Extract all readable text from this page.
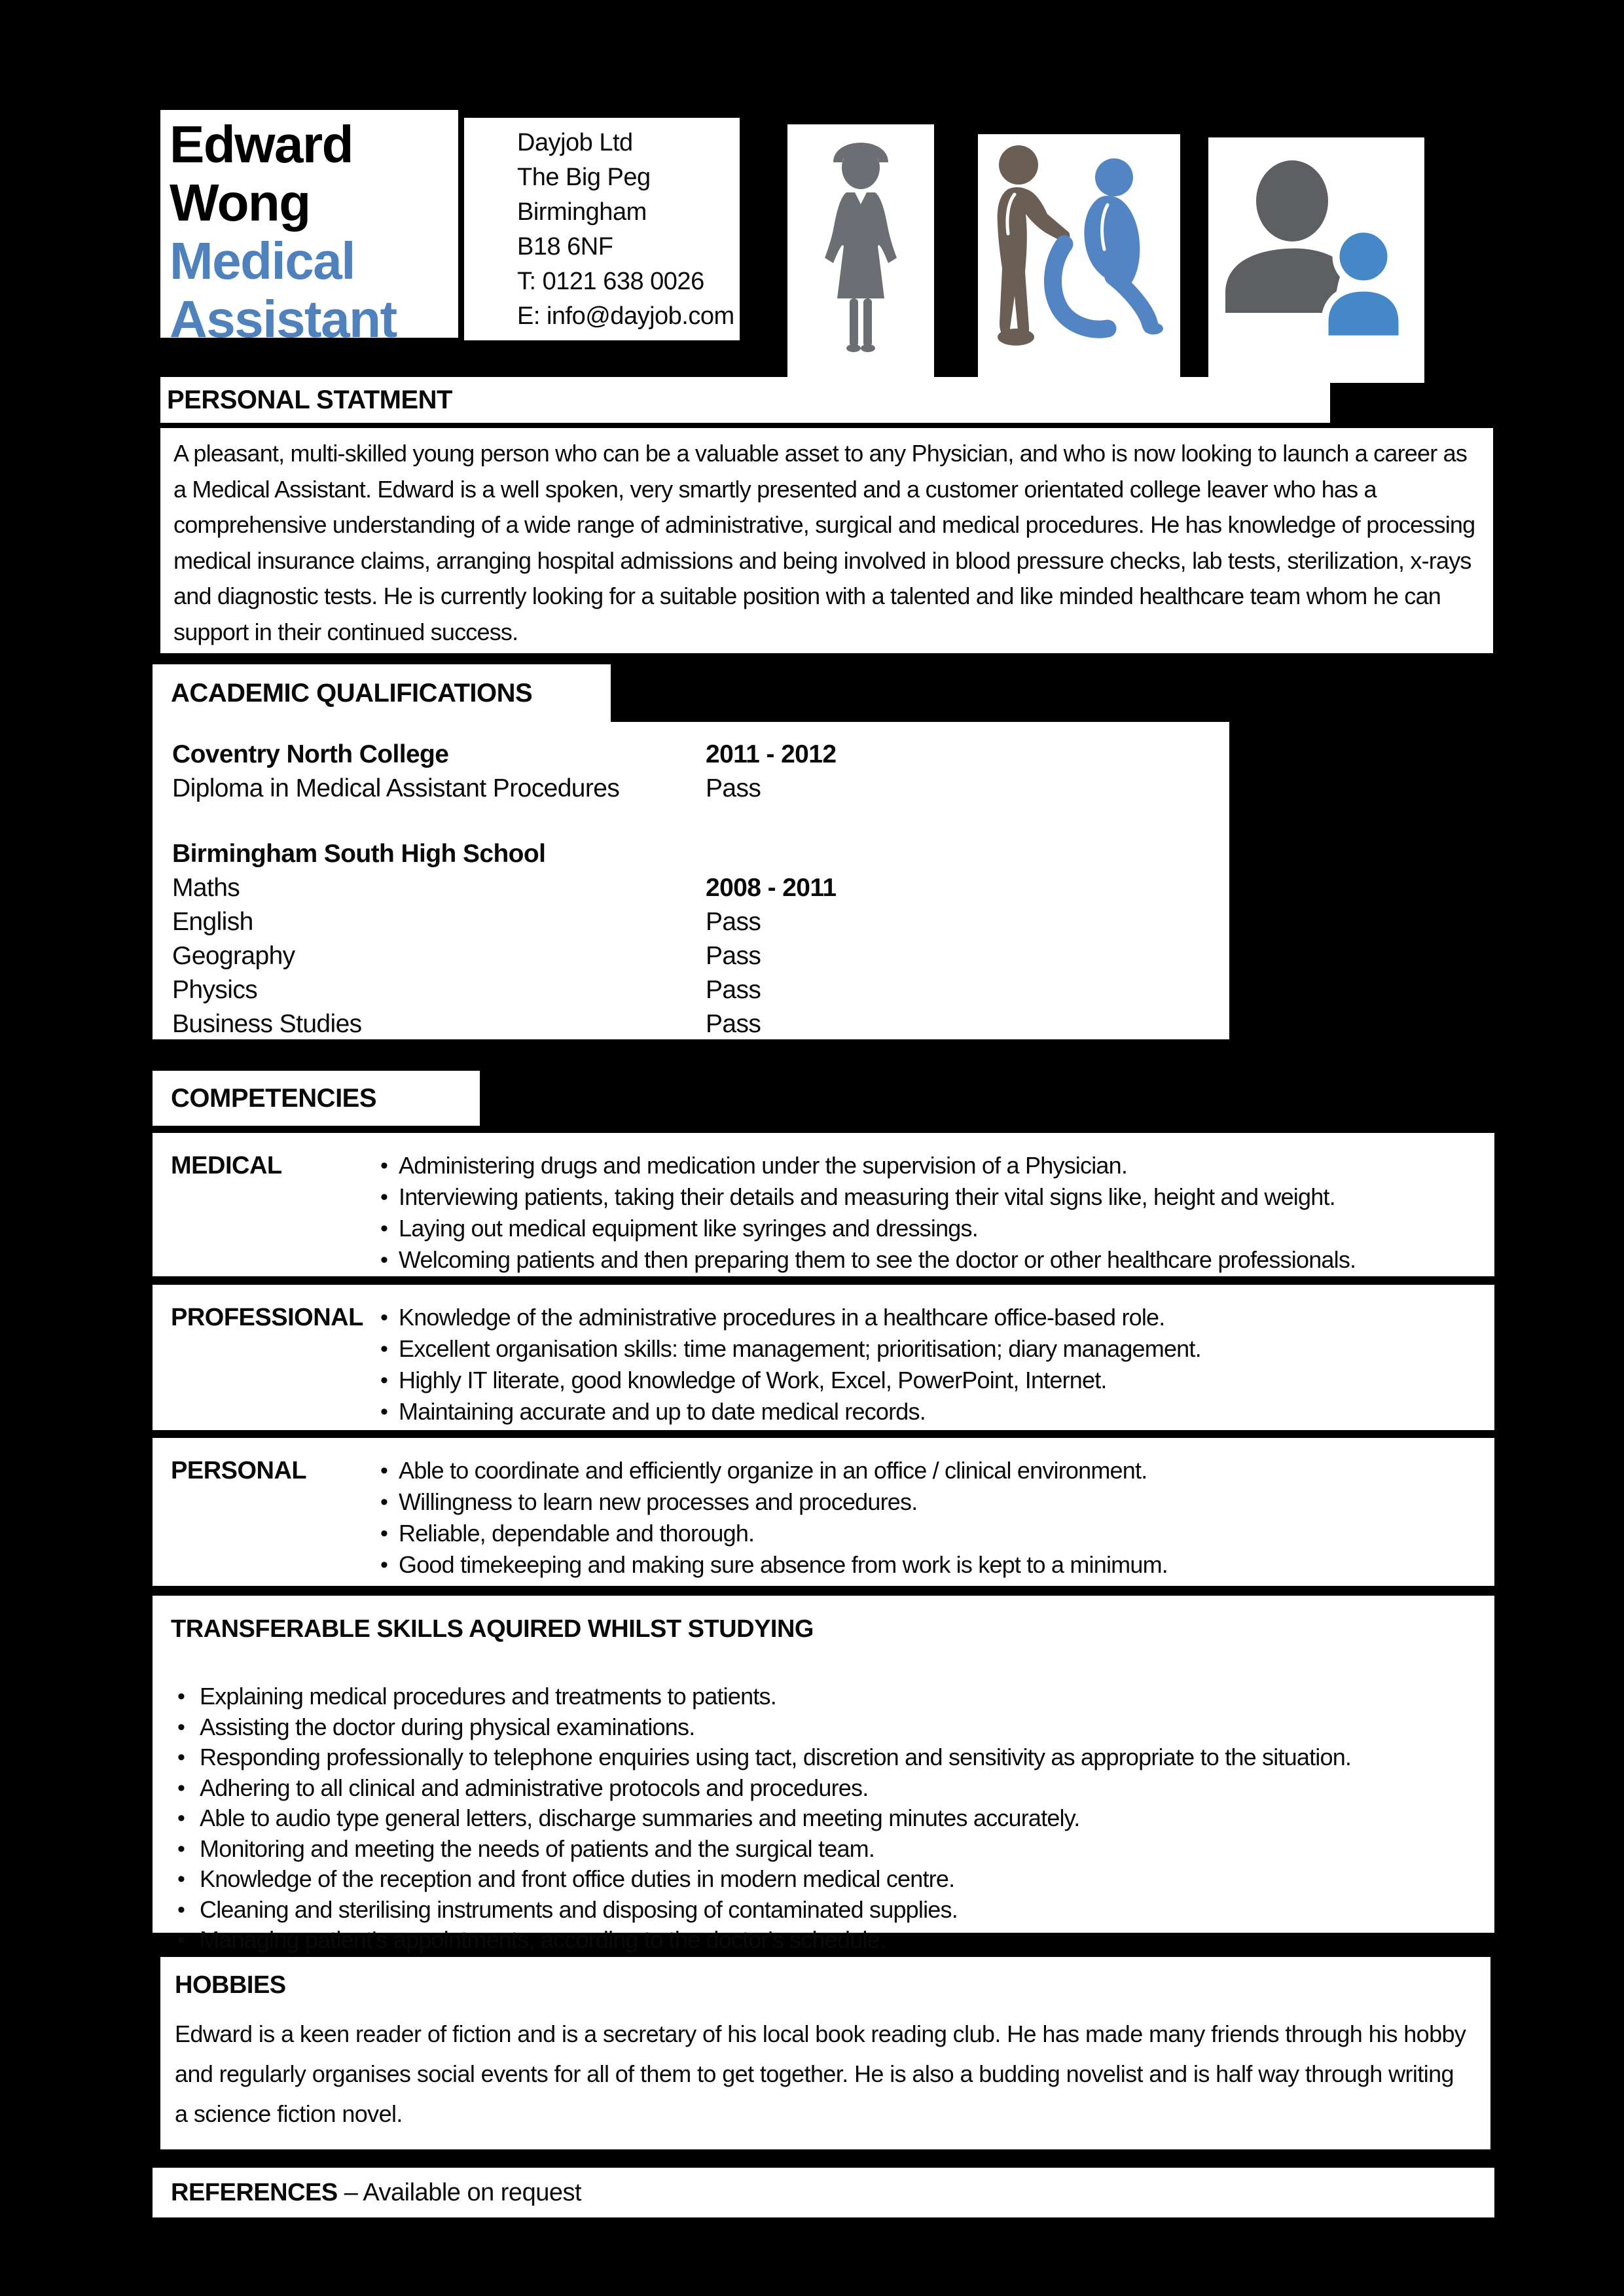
Edward Wong
Medical Assistant
Dayjob Ltd
The Big Peg
Birmingham
B18 6NF
T: 0121 638 0026
E: info@dayjob.com
PERSONAL STATMENT
A pleasant, multi-skilled young person who can be a valuable asset to any Physician, and who is now looking to launch a career as a Medical Assistant. Edward is a well spoken, very smartly presented and a customer orientated college leaver who has a comprehensive understanding of a wide range of administrative, surgical and medical procedures. He has knowledge of processing medical insurance claims, arranging hospital admissions and being involved in blood pressure checks, lab tests, sterilization, x-rays and diagnostic tests. He is currently looking for a suitable position with a talented and like minded healthcare team whom he can support in their continued success.
ACADEMIC QUALIFICATIONS
Coventry North College	2011 - 2012
Diploma in Medical Assistant Procedures	Pass
Birmingham South High School
Maths	2008 - 2011
English	Pass
Geography	Pass
Physics	Pass
Business Studies	Pass
COMPETENCIES
MEDICAL	• Administering drugs and medication under the supervision of a Physician.
• Interviewing patients, taking their details and measuring their vital signs like, height and weight.
• Laying out medical equipment like syringes and dressings.
• Welcoming patients and then preparing them to see the doctor or other healthcare professionals.
PROFESSIONAL	• Knowledge of the administrative procedures in a healthcare office-based role.
• Excellent organisation skills: time management; prioritisation; diary management.
• Highly IT literate, good knowledge of Work, Excel, PowerPoint, Internet.
• Maintaining accurate and up to date medical records.
PERSONAL	• Able to coordinate and efficiently organize in an office / clinical environment.
• Willingness to learn new processes and procedures.
• Reliable, dependable and thorough.
• Good timekeeping and making sure absence from work is kept to a minimum.
TRANSFERABLE SKILLS AQUIRED WHILST STUDYING
• Explaining medical procedures and treatments to patients.
• Assisting the doctor during physical examinations.
• Responding professionally to telephone enquiries using tact, discretion and sensitivity as appropriate to the situation.
• Adhering to all clinical and administrative protocols and procedures.
• Able to audio type general letters, discharge summaries and meeting minutes accurately.
• Monitoring and meeting the needs of patients and the surgical team.
• Knowledge of the reception and front office duties in modern medical centre.
• Cleaning and sterilising instruments and disposing of contaminated supplies.
• Managing patient's appointments, according to the doctor's schedule.
HOBBIES
Edward is a keen reader of fiction and is a secretary of his local book reading club. He has made many friends through his hobby and regularly organises social events for all of them to get together. He is also a budding novelist and is half way through writing a science fiction novel.
REFERENCES – Available on request
